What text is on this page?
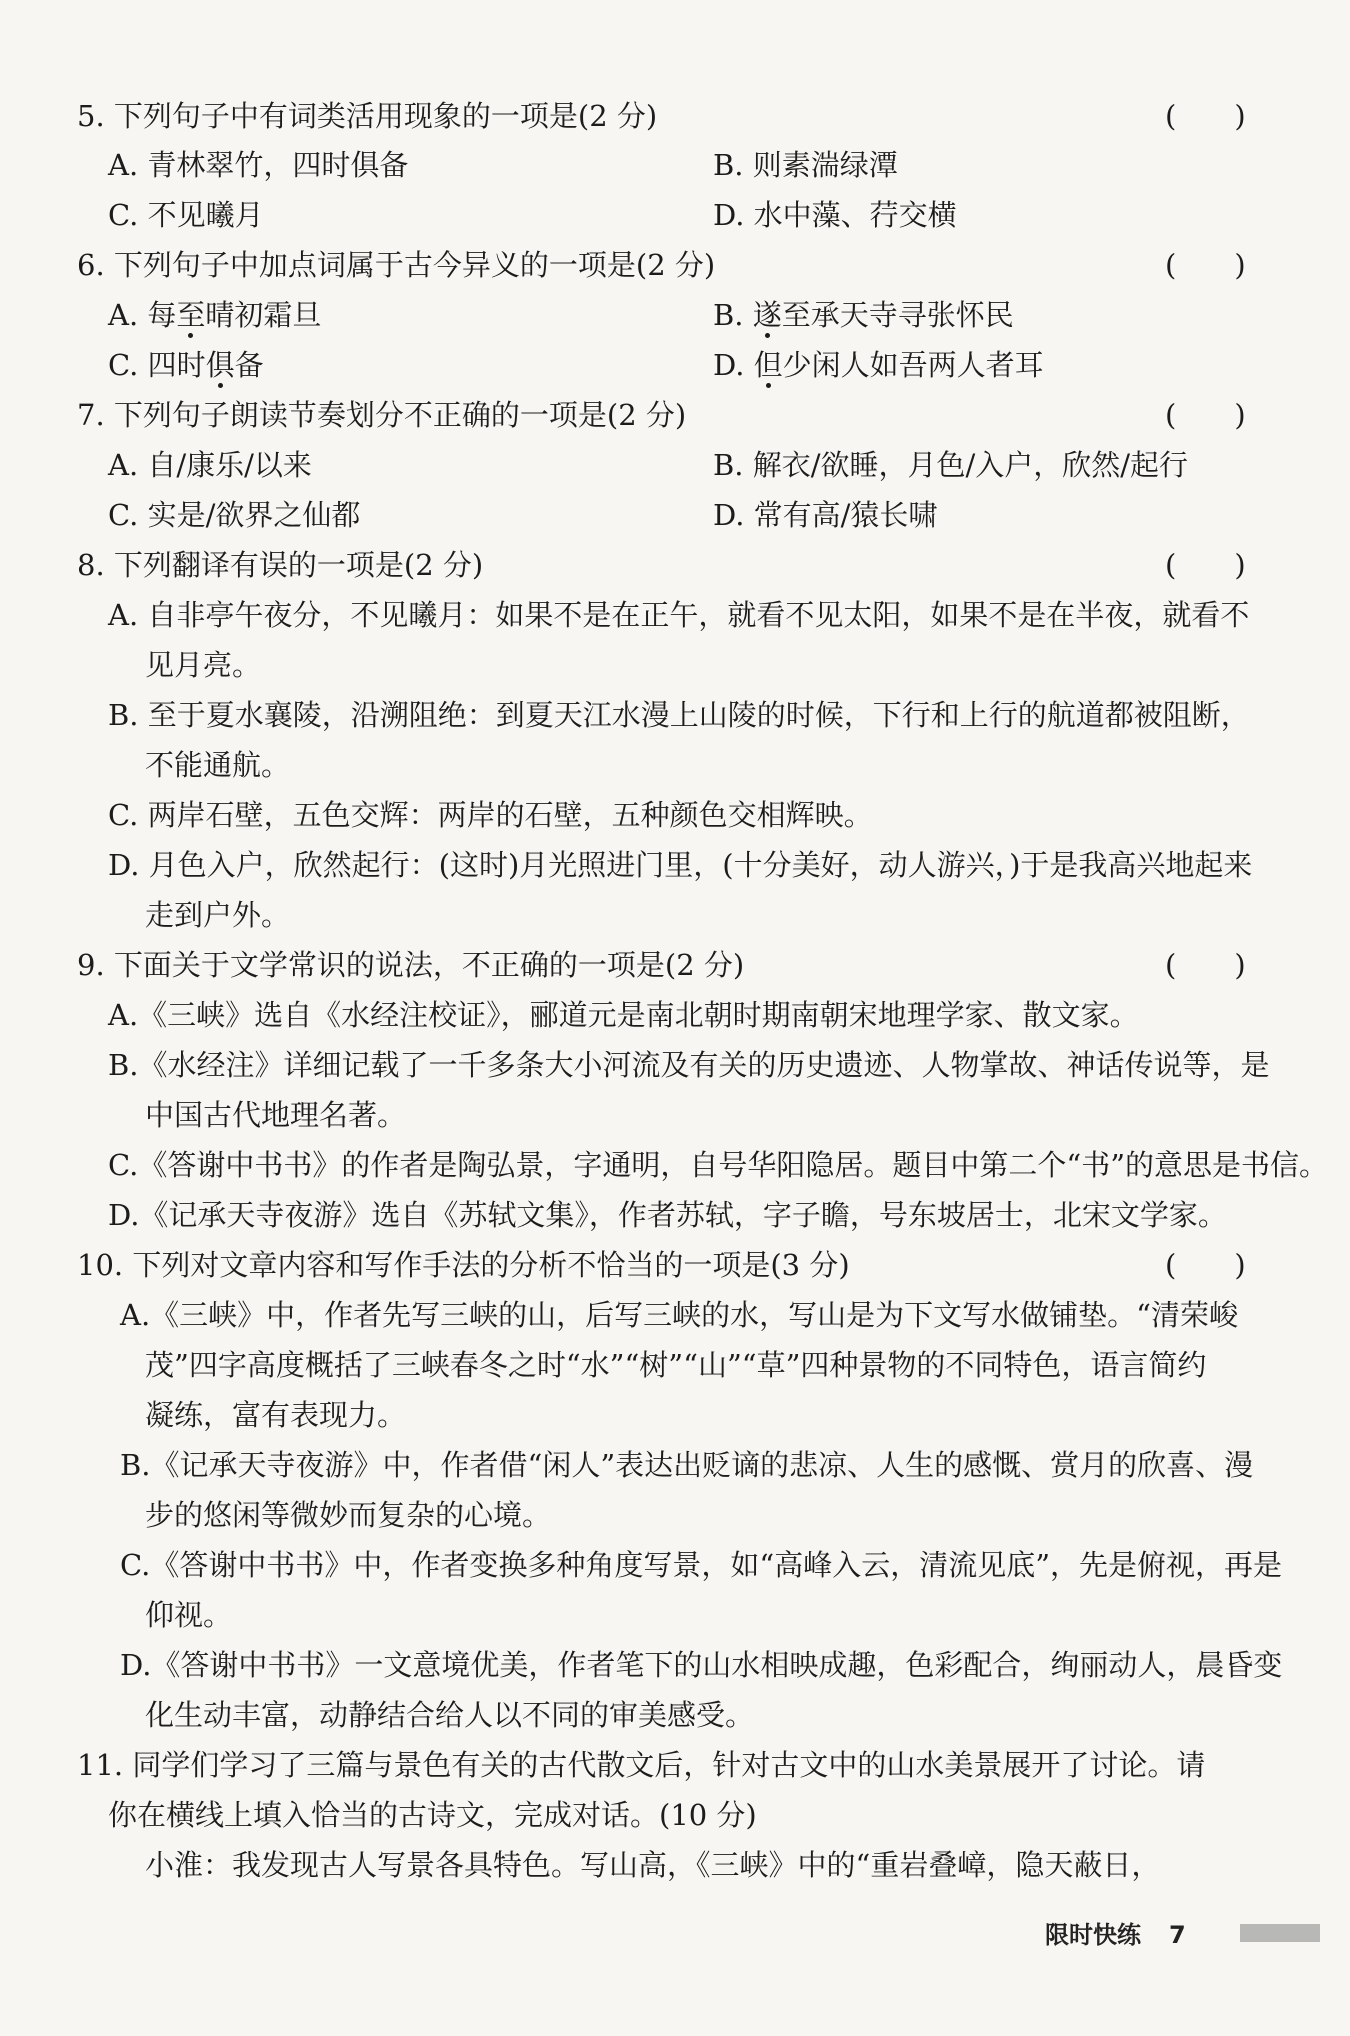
5. 下列句子中有词类活用现象的一项是(2 分)	(　　)
A. 青林翠竹，四时俱备	B. 则素湍绿潭
C. 不见曦月	D. 水中藻、荇交横
6. 下列句子中加点词属于古今异义的一项是(2 分)	(　　)
A. 每至晴初霜旦	B. 遂至承天寺寻张怀民
C. 四时俱备	D. 但少闲人如吾两人者耳
7. 下列句子朗读节奏划分不正确的一项是(2 分)	(　　)
A. 自/康乐/以来	B. 解衣/欲睡，月色/入户，欣然/起行
C. 实是/欲界之仙都	D. 常有高/猿长啸
8. 下列翻译有误的一项是(2 分)	(　　)
A. 自非亭午夜分，不见曦月：如果不是在正午，就看不见太阳，如果不是在半夜，就看不
见月亮。
B. 至于夏水襄陵，沿溯阻绝：到夏天江水漫上山陵的时候，下行和上行的航道都被阻断，
不能通航。
C. 两岸石壁，五色交辉：两岸的石壁，五种颜色交相辉映。
D. 月色入户，欣然起行：(这时)月光照进门里，(十分美好，动人游兴，)于是我高兴地起来
走到户外。
9. 下面关于文学常识的说法，不正确的一项是(2 分)	(　　)
A.《三峡》选自《水经注校证》，郦道元是南北朝时期南朝宋地理学家、散文家。
B.《水经注》详细记载了一千多条大小河流及有关的历史遗迹、人物掌故、神话传说等，是
中国古代地理名著。
C.《答谢中书书》的作者是陶弘景，字通明，自号华阳隐居。题目中第二个“书”的意思是书信。
D.《记承天寺夜游》选自《苏轼文集》，作者苏轼，字子瞻，号东坡居士，北宋文学家。
10. 下列对文章内容和写作手法的分析不恰当的一项是(3 分)	(　　)
A.《三峡》中，作者先写三峡的山，后写三峡的水，写山是为下文写水做铺垫。“清荣峻
茂”四字高度概括了三峡春冬之时“水”“树”“山”“草”四种景物的不同特色，语言简约
凝练，富有表现力。
B.《记承天寺夜游》中，作者借“闲人”表达出贬谪的悲凉、人生的感慨、赏月的欣喜、漫
步的悠闲等微妙而复杂的心境。
C.《答谢中书书》中，作者变换多种角度写景，如“高峰入云，清流见底”，先是俯视，再是
仰视。
D.《答谢中书书》一文意境优美，作者笔下的山水相映成趣，色彩配合，绚丽动人，晨昏变
化生动丰富，动静结合给人以不同的审美感受。
11. 同学们学习了三篇与景色有关的古代散文后，针对古文中的山水美景展开了讨论。请
你在横线上填入恰当的古诗文，完成对话。(10 分)
小淮：我发现古人写景各具特色。写山高，《三峡》中的“重岩叠嶂，隐天蔽日，
限时快练 7
